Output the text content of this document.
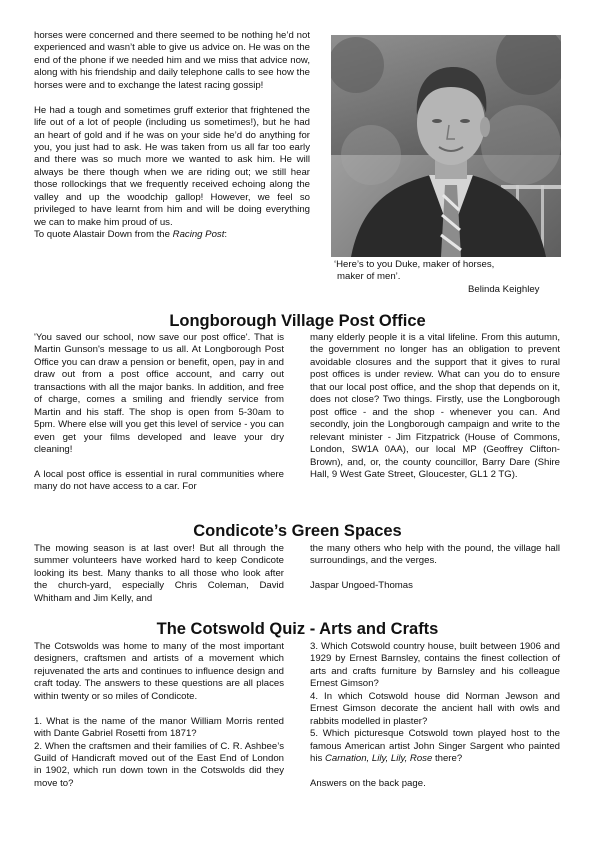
horses were concerned and there seemed to be nothing he’d not experienced and wasn’t able to give us advice on. He was on the end of the phone if we needed him and we miss that advice now, along with his friendship and daily telephone calls to see how the horses were and to exchange the latest racing gossip!

He had a tough and sometimes gruff exterior that frightened the life out of a lot of people (including us sometimes!), but he had an heart of gold and if he was on your side he’d do anything for you, you just had to ask. He was taken from us all far too early and there was so much more we wanted to ask him. He will always be there though when we are riding out; we still hear those rollockings that we frequently received echoing along the valley and up the woodchip gallop! However, we feel so privileged to have learnt from him and will be doing everything we can to make him proud of us.

To quote Alastair Down from the Racing Post:

‘Here’s to you Duke, maker of horses,
maker of men’.
Belinda Keighley
Longborough Village Post Office

'You saved our school, now save our post office'. That is Martin Gunson's message to us all. At Longborough Post Office you can draw a pension or benefit, open, pay in and draw out from a post office account, and carry out transactions with all the major banks. In addition, and free of charge, comes a smiling and friendly service from Martin and his staff. The shop is open from 5-30am to 5pm. Where else will you get this level of service - you can even get your films developed and leave your dry cleaning!

A local post office is essential in rural communities where many do not have access to a car. For

many elderly people it is a vital lifeline. From this autumn, the government no longer has an obligation to prevent avoidable closures and the support that it gives to rural post offices is under review. What can you do to ensure that our local post office, and the shop that depends on it, does not close? Two things. Firstly, use the Longborough post office - and the shop - whenever you can. And secondly, join the Longborough campaign and write to the relevant minister - Jim Fitzpatrick (House of Commons, London, SW1A 0AA), our local MP (Geoffrey Clifton-Brown), and, or, the county councillor, Barry Dare (Shire Hall, 9 West Gate Street, Gloucester, GL1 2 TG).

Condicote’s Green Spaces

The mowing season is at last over! But all through the summer volunteers have worked hard to keep Condicote looking its best. Many thanks to all those who look after the church-yard, especially Chris Coleman, David Whitham and Jim Kelly, and

the many others who help with the pound, the village hall surroundings, and the verges.

Jaspar Ungoed-Thomas

The Cotswold Quiz - Arts and Crafts

The Cotswolds was home to many of the most important designers, craftsmen and artists of a movement which rejuvenated the arts and continues to influence design and craft today. The answers to these questions are all places within twenty or so miles of Condicote.

1. What is the name of the manor William Morris rented with Dante Gabriel Rosetti from 1871?

2. When the craftsmen and their families of C. R. Ashbee’s Guild of Handicraft moved out of the East End of London in 1902, which run down town in the Cotswolds did they move to?

3. Which Cotswold country house, built between 1906 and 1929 by Ernest Barnsley, contains the finest collection of arts and crafts furniture by Barnsley and his colleague Ernest Gimson?

4. In which Cotswold house did Norman Jewson and Ernest Gimson decorate the ancient hall with owls and rabbits modelled in plaster?

5. Which picturesque Cotswold town played host to the famous American artist John Singer Sargent who painted his Carnation, Lily, Lily, Rose there?

Answers on the back page.
